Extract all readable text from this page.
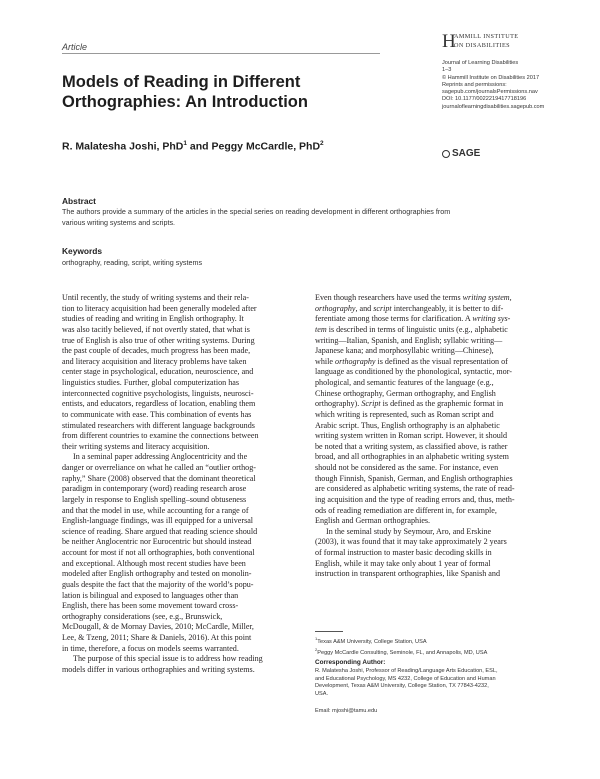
Article	H
AMMILL INSTITUTE
ON DISABILITIES
Journal of Learning Disabilities
1–3
© Hammill Institute on Disabilities 2017
Reprints and permissions:
sagepub.com/journalsPermissions.nav
DOI: 10.1177/0022219417718196
journaloflearningdisabilities.sagepub.com
SAGE
Models of Reading in Different
Orthographies: An Introduction
R. Malatesha Joshi, PhD$^1$ and Peggy McCardle, PhD$^2$
Abstract
The authors provide a summary of the articles in the special series on reading development in different orthographies from
various writing systems and scripts.
Keywords
orthography, reading, script, writing systems
Until recently, the study of writing systems and their rela-
tion to literacy acquisition had been generally modeled after
studies of reading and writing in English orthography. It
was also tacitly believed, if not overtly stated, that what is
true of English is also true of other writing systems. During
the past couple of decades, much progress has been made,
and literacy acquisition and literacy problems have taken
center stage in psychological, education, neuroscience, and
linguistics studies. Further, global computerization has
interconnected cognitive psychologists, linguists, neurosci-
entists, and educators, regardless of location, enabling them
to communicate with ease. This combination of events has
stimulated researchers with different language backgrounds
from different countries to examine the connections between
their writing systems and literacy acquisition.
In a seminal paper addressing Anglocentricity and the
danger or overreliance on what he called an “outlier orthog-
raphy,” Share (2008) observed that the dominant theoretical
paradigm in contemporary (word) reading research arose
largely in response to English spelling–sound obtuseness
and that the model in use, while accounting for a range of
English-language findings, was ill equipped for a universal
science of reading. Share argued that reading science should
be neither Anglocentric nor Eurocentric but should instead
account for most if not all orthographies, both conventional
and exceptional. Although most recent studies have been
modeled after English orthography and tested on monolin-
guals despite the fact that the majority of the world’s popu-
lation is bilingual and exposed to languages other than
English, there has been some movement toward cross-
orthography considerations (see, e.g., Brunswick,
McDougall, & de Mornay Davies, 2010; McCardle, Miller,
Lee, & Tzeng, 2011; Share & Daniels, 2016). At this point
in time, therefore, a focus on models seems warranted.
The purpose of this special issue is to address how reading
models differ in various orthographies and writing systems.
Even though researchers have used the terms writing system,
orthography, and script interchangeably, it is better to dif-
ferentiate among those terms for clarification. A writing sys-
tem is described in terms of linguistic units (e.g., alphabetic
writing—Italian, Spanish, and English; syllabic writing—
Japanese kana; and morphosyllabic writing—Chinese),
while orthography is defined as the visual representation of
language as conditioned by the phonological, syntactic, mor-
phological, and semantic features of the language (e.g.,
Chinese orthography, German orthography, and English
orthography). Script is defined as the graphemic format in
which writing is represented, such as Roman script and
Arabic script. Thus, English orthography is an alphabetic
writing system written in Roman script. However, it should
be noted that a writing system, as classified above, is rather
broad, and all orthographies in an alphabetic writing system
should not be considered as the same. For instance, even
though Finnish, Spanish, German, and English orthographies
are considered as alphabetic writing systems, the rate of read-
ing acquisition and the type of reading errors and, thus, meth-
ods of reading remediation are different in, for example,
English and German orthographies.
In the seminal study by Seymour, Aro, and Erskine
(2003), it was found that it may take approximately 2 years
of formal instruction to master basic decoding skills in
English, while it may take only about 1 year of formal
instruction in transparent orthographies, like Spanish and
$^1$Texas A&M University, College Station, USA
$^2$Peggy McCardle Consulting, Seminole, FL, and Annapolis, MD, USA
Corresponding Author:
R. Malatesha Joshi, Professor of Reading/Language Arts Education, ESL,
and Educational Psychology, MS 4232, College of Education and Human
Development, Texas A&M University, College Station, TX 77843-4232,
USA.
Email: mjoshi@tamu.edu
